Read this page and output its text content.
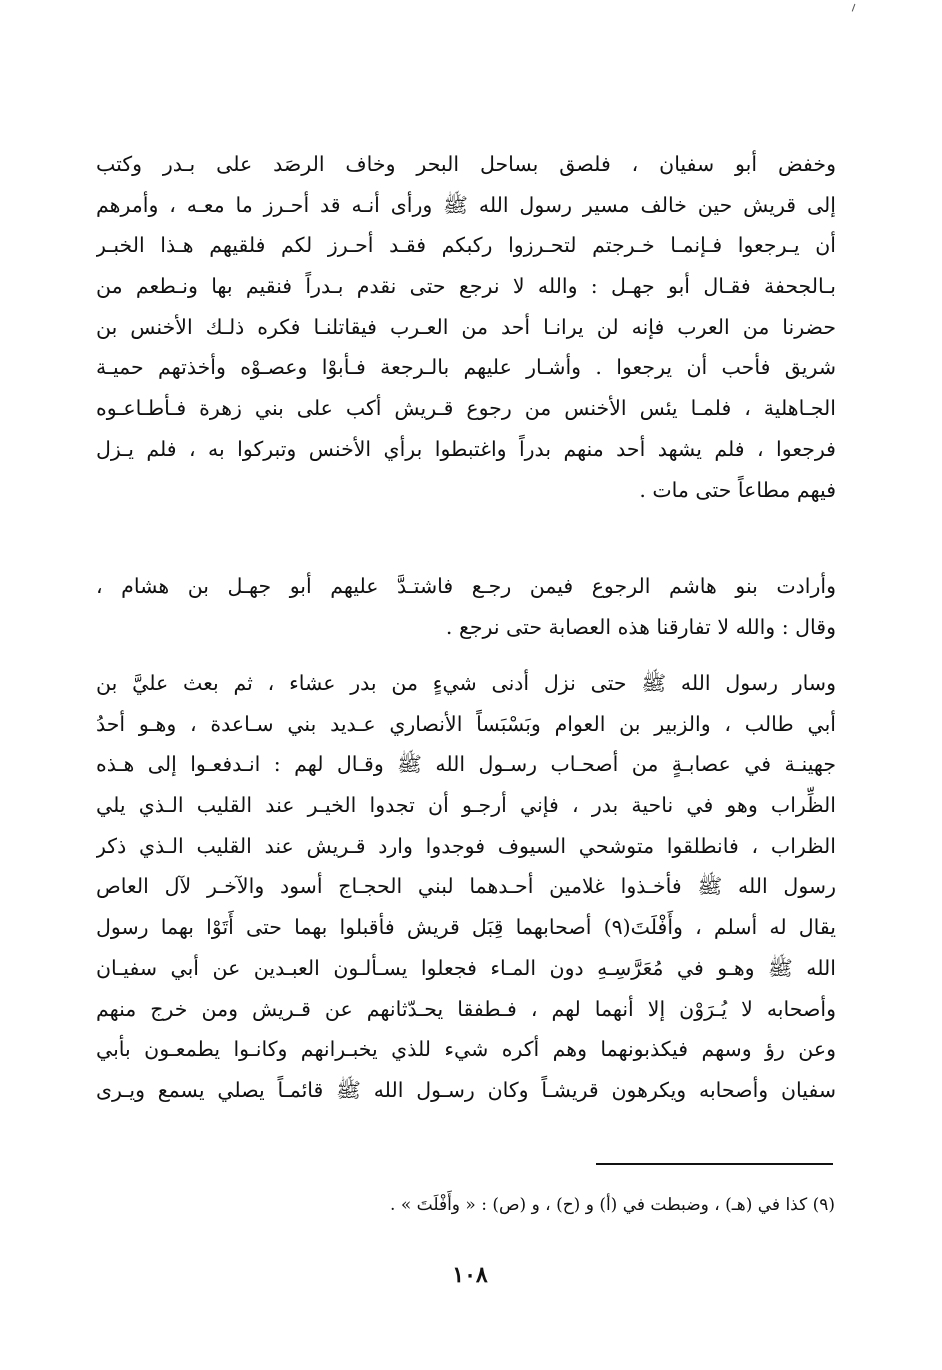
وخفض أبو سفيان ، فلصق بساحل البحر وخاف الرصَد على بـدر وكتب
إلى قريش حين خالف مسير رسول الله ﷺ ورأى أنـه قد أحـرز ما معـه ، وأمرهم
أن يـرجعوا فـإنمـا خـرجتم لتحـرزوا ركبكم فقـد أحـرز لكم فلقيهم هـذا الخبـر
بـالجحفة فقـال أبو جهـل : والله لا نرجع حتى نقدم بـدراً فنقيم بها ونـطعم من
حضرنا من العرب فإنه لن يرانـا أحد من العـرب فيقاتلنـا فكره ذلـك الأخنس بن
شريق فأحب أن يرجعوا . وأشـار عليهم بالـرجعة فـأبوْا وعصـوْه وأخذتهم حميـة
الجـاهلية ، فلمـا يئس الأخنس من رجوع قـريش أكب على بني زهرة فـأطـاعـوه
فرجعوا ، فلم يشهد أحد منهم بدراً واغتبطوا برأي الأخنس وتبركوا به ، فلم يـزل
فيهم مطاعاً حتى مات .
وأرادت بنو هاشم الرجوع فيمن رجـع فاشتـدَّ عليهم أبو جهـل بن هشام ،
وقال : والله لا تفارقنا هذه العصابة حتى نرجع .
وسار رسول الله ﷺ حتى نزل أدنى شيءٍ من بدر عشاء ، ثم بعث عليَّ بن
أبي طالب ، والزبير بن العوام وبَسْبَساً الأنصاري عـديد بني سـاعدة ، وهـو أحدُ
جهينـة في عصابـةٍ من أصحـاب رسـول الله ﷺ وقـال لهم : انـدفعـوا إلى هـذه
الظِّراب وهو في ناحية بدر ، فإني أرجـو أن تجدوا الخيـر عند القليب الـذي يلي
الظراب ، فانطلقوا متوشحي السيوف فوجدوا وارد قـريش عند القليب الـذي ذكر
رسول الله ﷺ فأخـذوا غلامين أحـدهما لبني الحجـاج أسود والآخـر لآل العاص
يقال له أسلم ، وأَفْلَتَ(٩) أصحابهما قِبَل قريش فأقبلوا بهما حتى أَتَوْا بهما رسول
الله ﷺ وهـو في مُعَرَّسِـهِ دون المـاء فجعلوا يسـألـون العبـدين عن أبي سفيـان
وأصحابه لا يُـرَوْن إلا أنهما لهم ، فـطفقا يحـدّثانهم عن قـريش ومن خرج منهم
وعن رؤ وسهم فيكذبونهما وهم أكره شيء للذي يخبـرانهم وكانـوا يطمعـون بأبي
سفيان وأصحابه ويكرهون قريشـاً وكان رسـول الله ﷺ قائمـاً يصلي يسمع ويـرى
(٩) كذا في (هـ) ، وضبطت في (أ) و (ح) ، و (ص) : « وأَفْلَتَ » .
١٠٨
